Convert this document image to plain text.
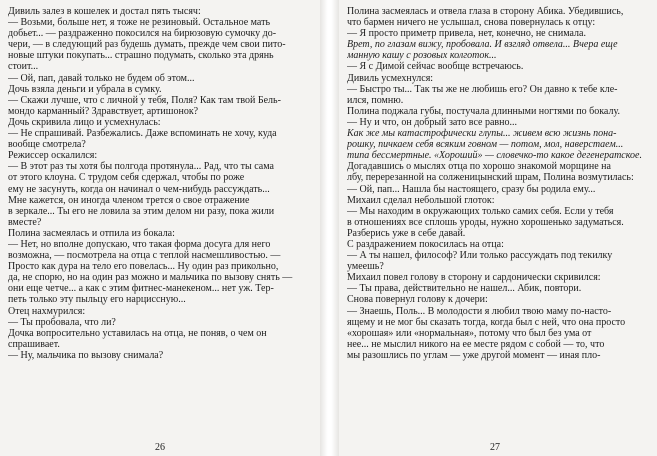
Дивиль залез в кошелек и достал пять тысяч:
— Возьми, больше нет, я тоже не резиновый. Остальное мать
добьет... — раздраженно покосился на бирюзовую сумочку до-
чери, — в следующий раз будешь думать, прежде чем свои пито-
новые штуки покупать... страшно подумать, сколько эта дрянь
стоит...
— Ой, пап, давай только не будем об этом...
Дочь взяла деньги и убрала в сумку.
— Скажи лучше, что с личной у тебя, Поля? Как там твой Бель-
мондо карманный? Здравствует, артишонок?
Дочь скривила лицо и усмехнулась:
— Не спрашивай. Разбежались. Даже вспоминать не хочу, куда
вообще смотрела?
Режиссер оскалился:
— В этот раз ты хотя бы полгода протянула... Рад, что ты сама
от этого клоуна. С трудом себя сдержал, чтобы по роже
ему не засунуть, когда он начинал о чем-нибудь рассуждать...
Мне кажется, он иногда членом трется о свое отражение
в зеркале... Ты его не ловила за этим делом ни разу, пока жили
вместе?
Полина засмеялась и отпила из бокала:
— Нет, но вполне допускаю, что такая форма досуга для него
возможна, — посмотрела на отца с теплой насмешливостью. —
Просто как дура на тело его повелась... Ну один раз прикольно,
да, не спорю, но на один раз можно и мальчика по вызову снять —
они еще четче... а как с этим фитнес-манекеном... нет уж. Тер-
петь только эту пыльцу его нарциссную...
Отец нахмурился:
— Ты пробовала, что ли?
Дочка вопросительно уставилась на отца, не поняв, о чем он
спрашивает.
— Ну, мальчика по вызову снимала?
26
Полина засмеялась и отвела глаза в сторону Абика. Убедившись,
что бармен ничего не услышал, снова повернулась к отцу:
— Я просто приметр привела, нет, конечно, не снимала.
Врет, по глазам вижу, пробовала. И взгляд отвела... Вчера еще
манную кашу с розовых колготок...
— Я с Димой сейчас вообще встречаюсь.
Дивиль усмехнулся:
— Быстро ты... Так ты же не любишь его? Он давно к тебе кле-
ился, помню.
Полина поджала губы, постучала длинными ногтями по бокалу.
— Ну и что, он добрый зато все равно...
Как же мы катастрофически глупы... живем всю жизнь пона-
рошку, пичкаем себя всяким говном — потом, мол, наверстаем...
типа бессмертные. «Хороший» — словечко-то какое дегенератское.
Догадавшись о мыслях отца по хорошо знакомой морщине на
лбу, перерезанной на солженицынский шрам, Полина возмутилась:
— Ой, пап... Нашла бы настоящего, сразу бы родила ему...
Михаил сделал небольшой глоток:
— Мы находим в окружающих только самих себя. Если у тебя
в отношениях все сплошь уроды, нужно хорошенько задуматься.
Разберись уже в себе давай.
С раздражением покосилась на отца:
— А ты нашел, философ? Или только рассуждать под текилку
умеешь?
Михаил повел голову в сторону и сардонически скривился:
— Ты права, действительно не нашел... Абик, повтори.
Снова повернул голову к дочери:
— Знаешь, Поль... В молодости я любил твою маму по-насто-
ящему и не мог бы сказать тогда, когда был с ней, что она просто
«хорошая» или «нормальная», потому что был без ума от
нее... не мыслил никого на ее месте рядом с собой — то, что
мы разошлись по углам — уже другой момент — иная пло-
27
